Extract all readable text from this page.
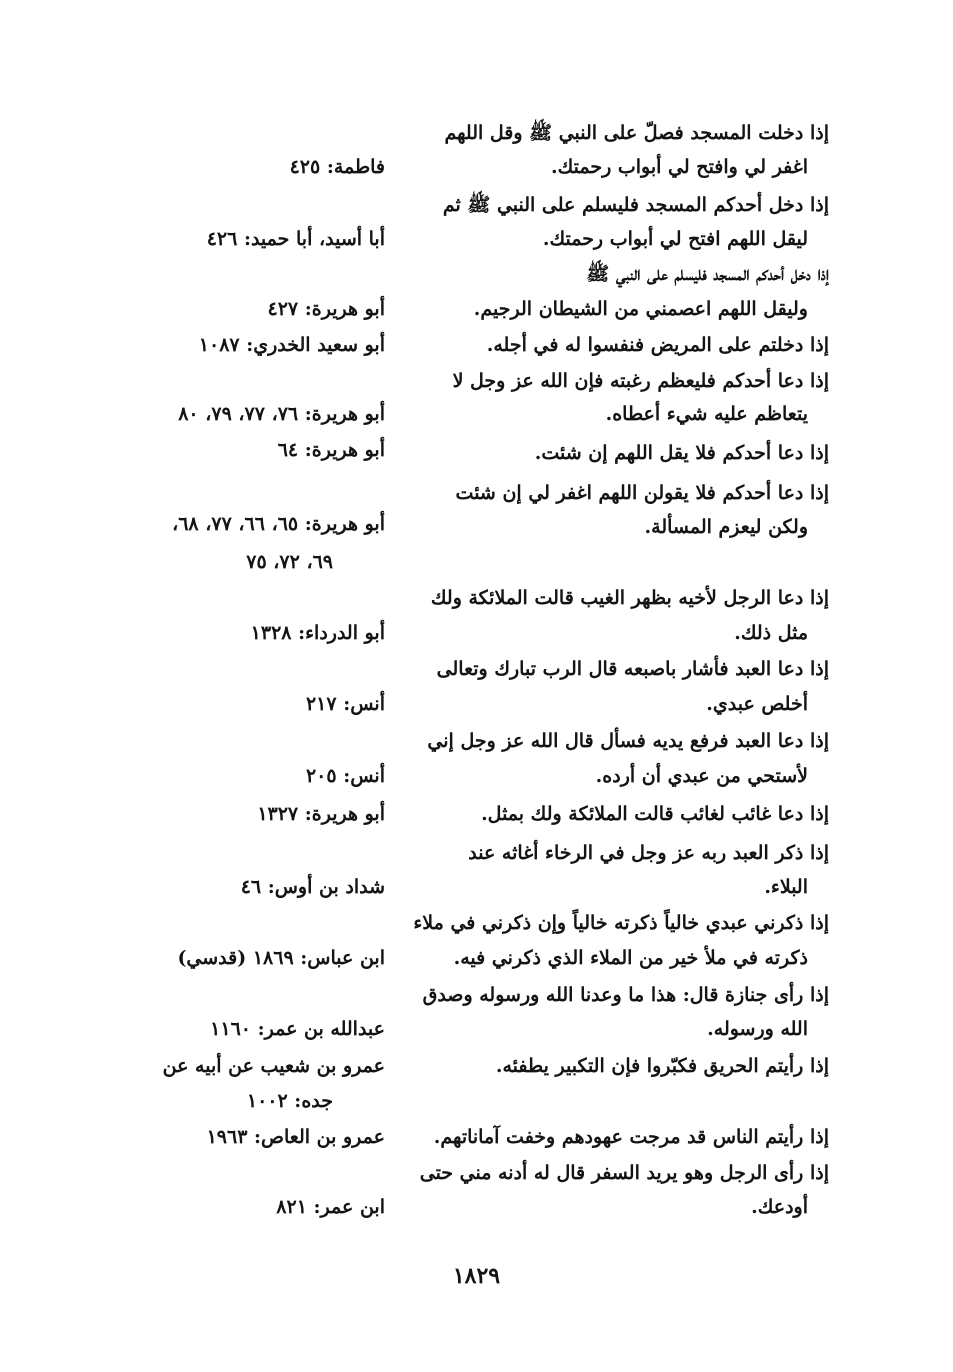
إذا دخلت المسجد فصلّ على النبي ﷺ وقل اللهم
اغفر لي وافتح لي أبواب رحمتك.
فاطمة: ٤٢٥
إذا دخل أحدكم المسجد فليسلم على النبي ﷺ ثم
ليقل اللهم افتح لي أبواب رحمتك.
أبا أسيد، أبا حميد: ٤٢٦
إذا دخل أحدكم المسجد فليسلم على النبي ﷺ
وليقل اللهم اعصمني من الشيطان الرجيم.
أبو هريرة: ٤٢٧
إذا دخلتم على المريض فنفسوا له في أجله.
أبو سعيد الخدري: ١٠٨٧
إذا دعا أحدكم فليعظم رغبته فإن الله عز وجل لا
يتعاظم عليه شيء أعطاه.
أبو هريرة: ٧٦، ٧٧، ٧٩، ٨٠
إذا دعا أحدكم فلا يقل اللهم إن شئت.
أبو هريرة: ٦٤
إذا دعا أحدكم فلا يقولن اللهم اغفر لي إن شئت
ولكن ليعزم المسألة.
أبو هريرة: ٦٥، ٦٦، ٧٧، ٦٨،
٦٩، ٧٢، ٧٥
إذا دعا الرجل لأخيه بظهر الغيب قالت الملائكة ولك
مثل ذلك.
أبو الدرداء: ١٣٢٨
إذا دعا العبد فأشار باصبعه قال الرب تبارك وتعالى
أخلص عبدي.
أنس: ٢١٧
إذا دعا العبد فرفع يديه فسأل قال الله عز وجل إني
لأستحي من عبدي أن أرده.
أنس: ٢٠٥
إذا دعا غائب لغائب قالت الملائكة ولك بمثل.
أبو هريرة: ١٣٢٧
إذا ذكر العبد ربه عز وجل في الرخاء أغاثه عند
البلاء.
شداد بن أوس: ٤٦
إذا ذكرني عبدي خالياً ذكرته خالياً وإن ذكرني في ملاء
ذكرته في ملأ خير من الملاء الذي ذكرني فيه.
ابن عباس: ١٨٦٩ (قدسي)
إذا رأى جنازة قال: هذا ما وعدنا الله ورسوله وصدق
الله ورسوله.
عبدالله بن عمر: ١١٦٠
إذا رأيتم الحريق فكبّروا فإن التكبير يطفئه.
عمرو بن شعيب عن أبيه عن
جده: ١٠٠٢
إذا رأيتم الناس قد مرجت عهودهم وخفت آماناتهم.
عمرو بن العاص: ١٩٦٣
إذا رأى الرجل وهو يريد السفر قال له أدنه مني حتى
أودعك.
ابن عمر: ٨٢١
١٨٢٩
